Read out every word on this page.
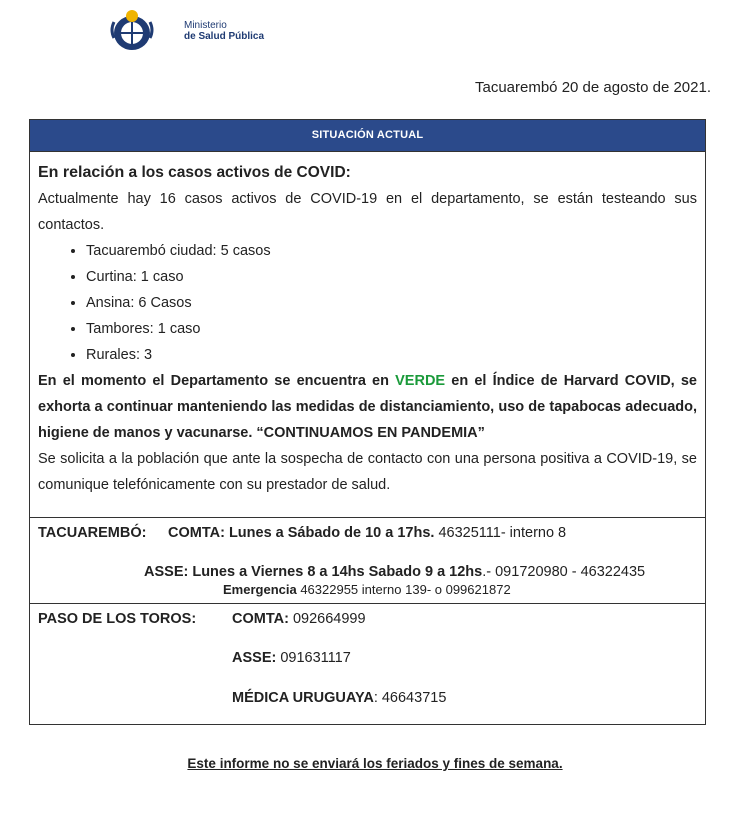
Ministerio
de Salud Pública
Tacuarembó 20 de agosto de 2021.
SITUACIÓN ACTUAL
En relación a los casos activos de COVID:
Actualmente hay 16 casos activos de COVID-19 en el departamento, se están testeando sus contactos.
• Tacuarembó ciudad: 5 casos
• Curtina: 1 caso
• Ansina: 6 Casos
• Tambores: 1 caso
• Rurales: 3
En el momento el Departamento se encuentra en VERDE en el Índice de Harvard COVID, se exhorta a continuar manteniendo las medidas de distanciamiento, uso de tapabocas adecuado, higiene de manos y vacunarse. “CONTINUAMOS EN PANDEMIA”
Se solicita a la población que ante la sospecha de contacto con una persona positiva a COVID-19, se comunique telefónicamente con su prestador de salud.
TACUAREMBÓ: COMTA: Lunes a Sábado de 10 a 17hs. 46325111- interno 8
ASSE: Lunes a Viernes 8 a 14hs Sabado 9 a 12hs.- 091720980 - 46322435
Emergencia 46322955 interno 139- o 099621872
PASO DE LOS TOROS: COMTA: 092664999
ASSE: 091631117
MÉDICA URUGUAYA: 46643715
Este informe no se enviará los feriados y fines de semana.
